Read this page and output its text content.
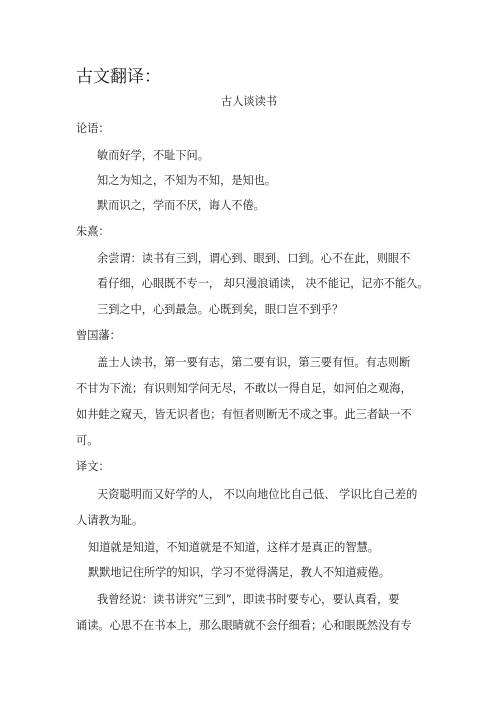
古文翻译：
古人谈读书
论语：
敏而好学，不耻下问。
知之为知之，不知为不知，是知也。
默而识之，学而不厌，诲人不倦。
朱熹：
余尝谓：读书有三到，谓心到、眼到、口到。心不在此，则眼不
看仔细，心眼既不专一， 却只漫浪诵读， 决不能记，记亦不能久。
三到之中，心到最急。心既到矣，眼口岂不到乎？
曾国藩：
盖士人读书，第一要有志，第二要有识，第三要有恒。有志则断
不甘为下流；有识则知学问无尽，不敢以一得自足，如河伯之观海，
如井蛙之窥天，皆无识者也；有恒者则断无不成之事。此三者缺一不
可。
译文：
天资聪明而又好学的人， 不以向地位比自己低、 学识比自己差的
人请教为耻。
知道就是知道，不知道就是不知道，这样才是真正的智慧。
默默地记住所学的知识，学习不觉得满足，教人不知道疲倦。
我曾经说：读书讲究”三到”，即读书时要专心，要认真看，要
诵读。心思不在书本上，那么眼睛就不会仔细看；心和眼既然没有专
